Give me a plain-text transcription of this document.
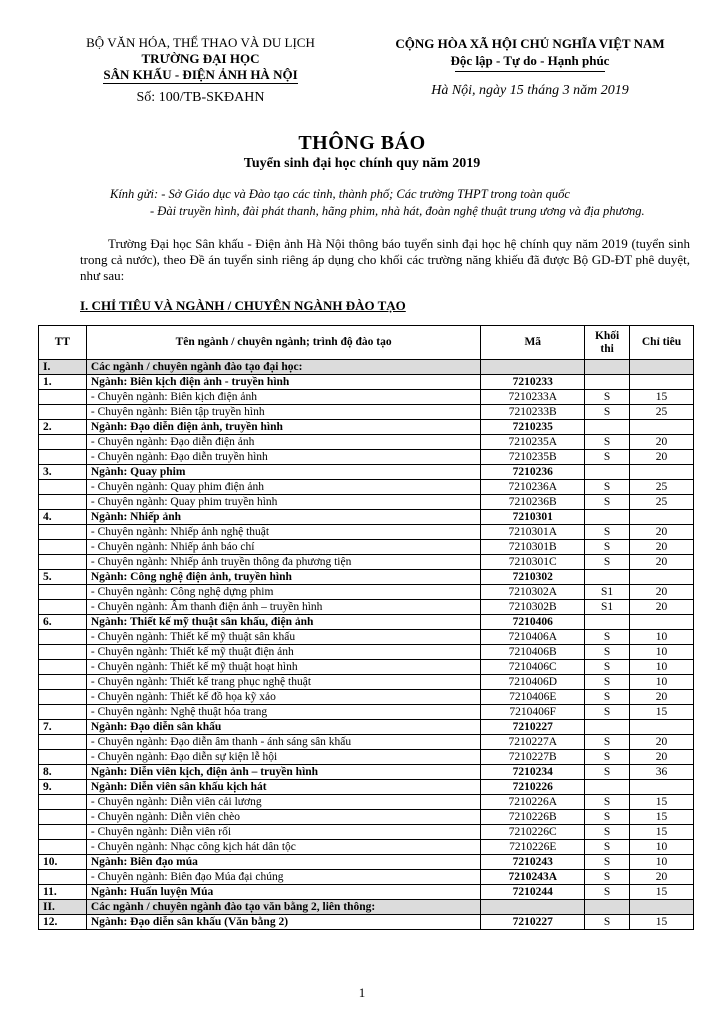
BỘ VĂN HÓA, THỂ THAO VÀ DU LỊCH
TRƯỜNG ĐẠI HỌC
SÂN KHẤU - ĐIỆN ẢNH HÀ NỘI
Số: 100/TB-SKĐAHN
CỘNG HÒA XÃ HỘI CHỦ NGHĨA VIỆT NAM
Độc lập - Tự do - Hạnh phúc
Hà Nội, ngày 15 tháng 3 năm 2019
THÔNG BÁO
Tuyển sinh đại học chính quy năm 2019
Kính gửi: - Sở Giáo dục và Đào tạo các tỉnh, thành phố; Các trường THPT trong toàn quốc
- Đài truyền hình, đài phát thanh, hãng phim, nhà hát, đoàn nghệ thuật trung ương và địa phương.
Trường Đại học Sân khấu - Điện ảnh Hà Nội thông báo tuyển sinh đại học hệ chính quy năm 2019 (tuyển sinh trong cả nước), theo Đề án tuyển sinh riêng áp dụng cho khối các trường năng khiếu đã được Bộ GD-ĐT phê duyệt, như sau:
I. CHỈ TIÊU VÀ NGÀNH / CHUYÊN NGÀNH ĐÀO TẠO
TT	Tên ngành / chuyên ngành; trình độ đào tạo	Mã	Khối thi	Chỉ tiêu
I.	Các ngành / chuyên ngành đào tạo đại học:			
1.	Ngành: Biên kịch điện ảnh - truyền hình	7210233		
	- Chuyên ngành: Biên kịch điện ảnh	7210233A	S	15
	- Chuyên ngành: Biên tập truyền hình	7210233B	S	25
2.	Ngành: Đạo diễn điện ảnh, truyền hình	7210235		
	- Chuyên ngành: Đạo diễn điện ảnh	7210235A	S	20
	- Chuyên ngành: Đạo diễn truyền hình	7210235B	S	20
3.	Ngành: Quay phim	7210236		
	- Chuyên ngành: Quay phim điện ảnh	7210236A	S	25
	- Chuyên ngành: Quay phim truyền hình	7210236B	S	25
4.	Ngành: Nhiếp ảnh	7210301		
	- Chuyên ngành: Nhiếp ảnh nghệ thuật	7210301A	S	20
	- Chuyên ngành: Nhiếp ảnh báo chí	7210301B	S	20
	- Chuyên ngành: Nhiếp ảnh truyền thông đa phương tiện	7210301C	S	20
5.	Ngành: Công nghệ điện ảnh, truyền hình	7210302		
	- Chuyên ngành: Công nghệ dựng phim	7210302A	S1	20
	- Chuyên ngành: Âm thanh điện ảnh – truyền hình	7210302B	S1	20
6.	Ngành: Thiết kế mỹ thuật sân khấu, điện ảnh	7210406		
	- Chuyên ngành: Thiết kế mỹ thuật sân khấu	7210406A	S	10
	- Chuyên ngành: Thiết kế mỹ thuật điện ảnh	7210406B	S	10
	- Chuyên ngành: Thiết kế mỹ thuật hoạt hình	7210406C	S	10
	- Chuyên ngành: Thiết kế trang phục nghệ thuật	7210406D	S	10
	- Chuyên ngành: Thiết kế đồ họa kỹ xảo	7210406E	S	20
	- Chuyên ngành: Nghệ thuật hóa trang	7210406F	S	15
7.	Ngành: Đạo diễn sân khấu	7210227		
	- Chuyên ngành: Đạo diễn âm thanh - ánh sáng sân khấu	7210227A	S	20
	- Chuyên ngành: Đạo diễn sự kiện lễ hội	7210227B	S	20
8.	Ngành: Diễn viên kịch, điện ảnh – truyền hình	7210234	S	36
9.	Ngành: Diễn viên sân khấu kịch hát	7210226		
	- Chuyên ngành: Diễn viên cải lương	7210226A	S	15
	- Chuyên ngành: Diễn viên chèo	7210226B	S	15
	- Chuyên ngành: Diễn viên rối	7210226C	S	15
	- Chuyên ngành: Nhạc công kịch hát dân tộc	7210226E	S	10
10.	Ngành: Biên đạo múa	7210243	S	10
	- Chuyên ngành: Biên đạo Múa đại chúng	7210243A	S	20
11.	Ngành: Huấn luyện Múa	7210244	S	15
II.	Các ngành / chuyên ngành đào tạo văn bằng 2, liên thông:			
12.	Ngành: Đạo diễn sân khấu (Văn bằng 2)	7210227	S	15
1
